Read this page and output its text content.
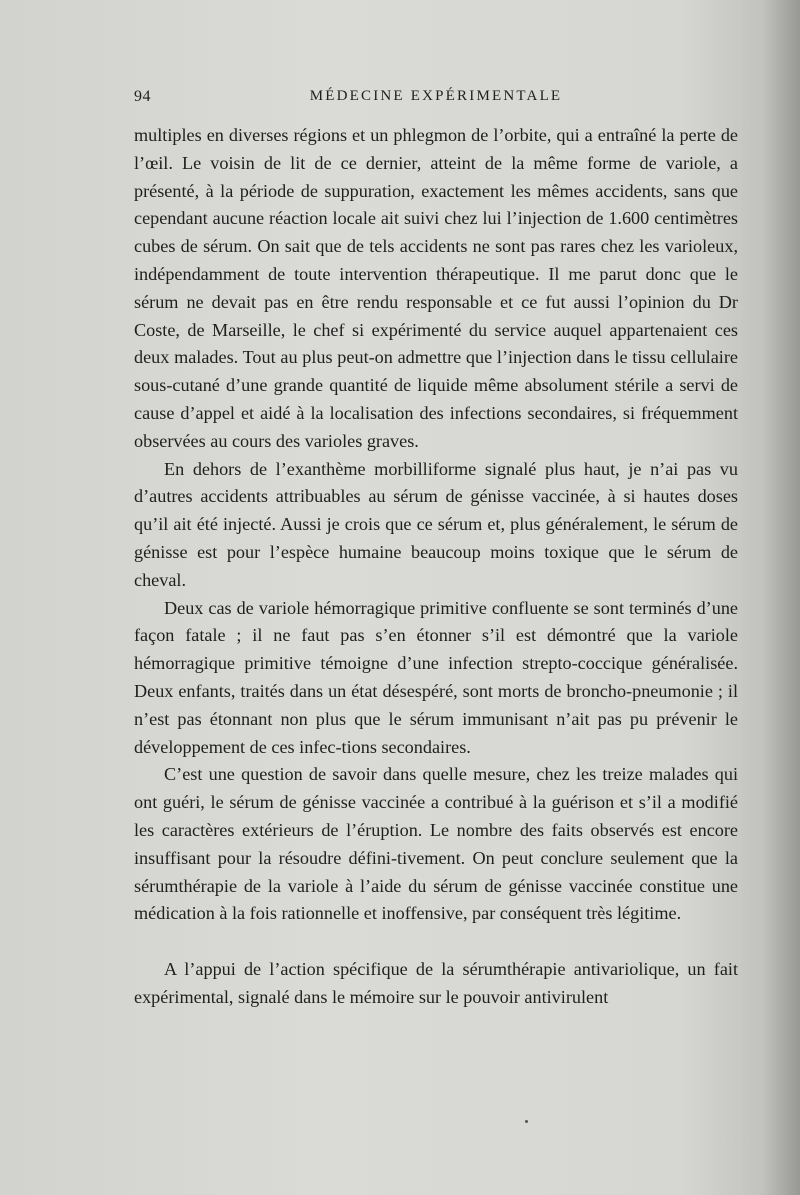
94	MÉDECINE EXPÉRIMENTALE

multiples en diverses régions et un phlegmon de l’orbite, qui a entraîné la perte de l’œil. Le voisin de lit de ce dernier, atteint de la même forme de variole, a présenté, à la période de suppuration, exactement les mêmes accidents, sans que cependant aucune réaction locale ait suivi chez lui l’injection de 1.600 centimètres cubes de sérum. On sait que de tels accidents ne sont pas rares chez les varioleux, indépendamment de toute intervention thérapeutique. Il me parut donc que le sérum ne devait pas en être rendu responsable et ce fut aussi l’opinion du Dr Coste, de Marseille, le chef si expérimenté du service auquel appartenaient ces deux malades. Tout au plus peut-on admettre que l’injection dans le tissu cellulaire sous-cutané d’une grande quantité de liquide même absolument stérile a servi de cause d’appel et aidé à la localisation des infections secondaires, si fréquemment observées au cours des varioles graves.

En dehors de l’exanthème morbilliforme signalé plus haut, je n’ai pas vu d’autres accidents attribuables au sérum de génisse vaccinée, à si hautes doses qu’il ait été injecté. Aussi je crois que ce sérum et, plus généralement, le sérum de génisse est pour l’espèce humaine beaucoup moins toxique que le sérum de cheval.

Deux cas de variole hémorragique primitive confluente se sont terminés d’une façon fatale ; il ne faut pas s’en étonner s’il est démontré que la variole hémorragique primitive témoigne d’une infection strepto-coccique généralisée. Deux enfants, traités dans un état désespéré, sont morts de broncho-pneumonie ; il n’est pas étonnant non plus que le sérum immunisant n’ait pas pu prévenir le développement de ces infec-tions secondaires.

C’est une question de savoir dans quelle mesure, chez les treize malades qui ont guéri, le sérum de génisse vaccinée a contribué à la guérison et s’il a modifié les caractères extérieurs de l’éruption. Le nombre des faits observés est encore insuffisant pour la résoudre défini-tivement. On peut conclure seulement que la sérumthérapie de la variole à l’aide du sérum de génisse vaccinée constitue une médication à la fois rationnelle et inoffensive, par conséquent très légitime.

A l’appui de l’action spécifique de la sérumthérapie antivariolique, un fait expérimental, signalé dans le mémoire sur le pouvoir antivirulent
